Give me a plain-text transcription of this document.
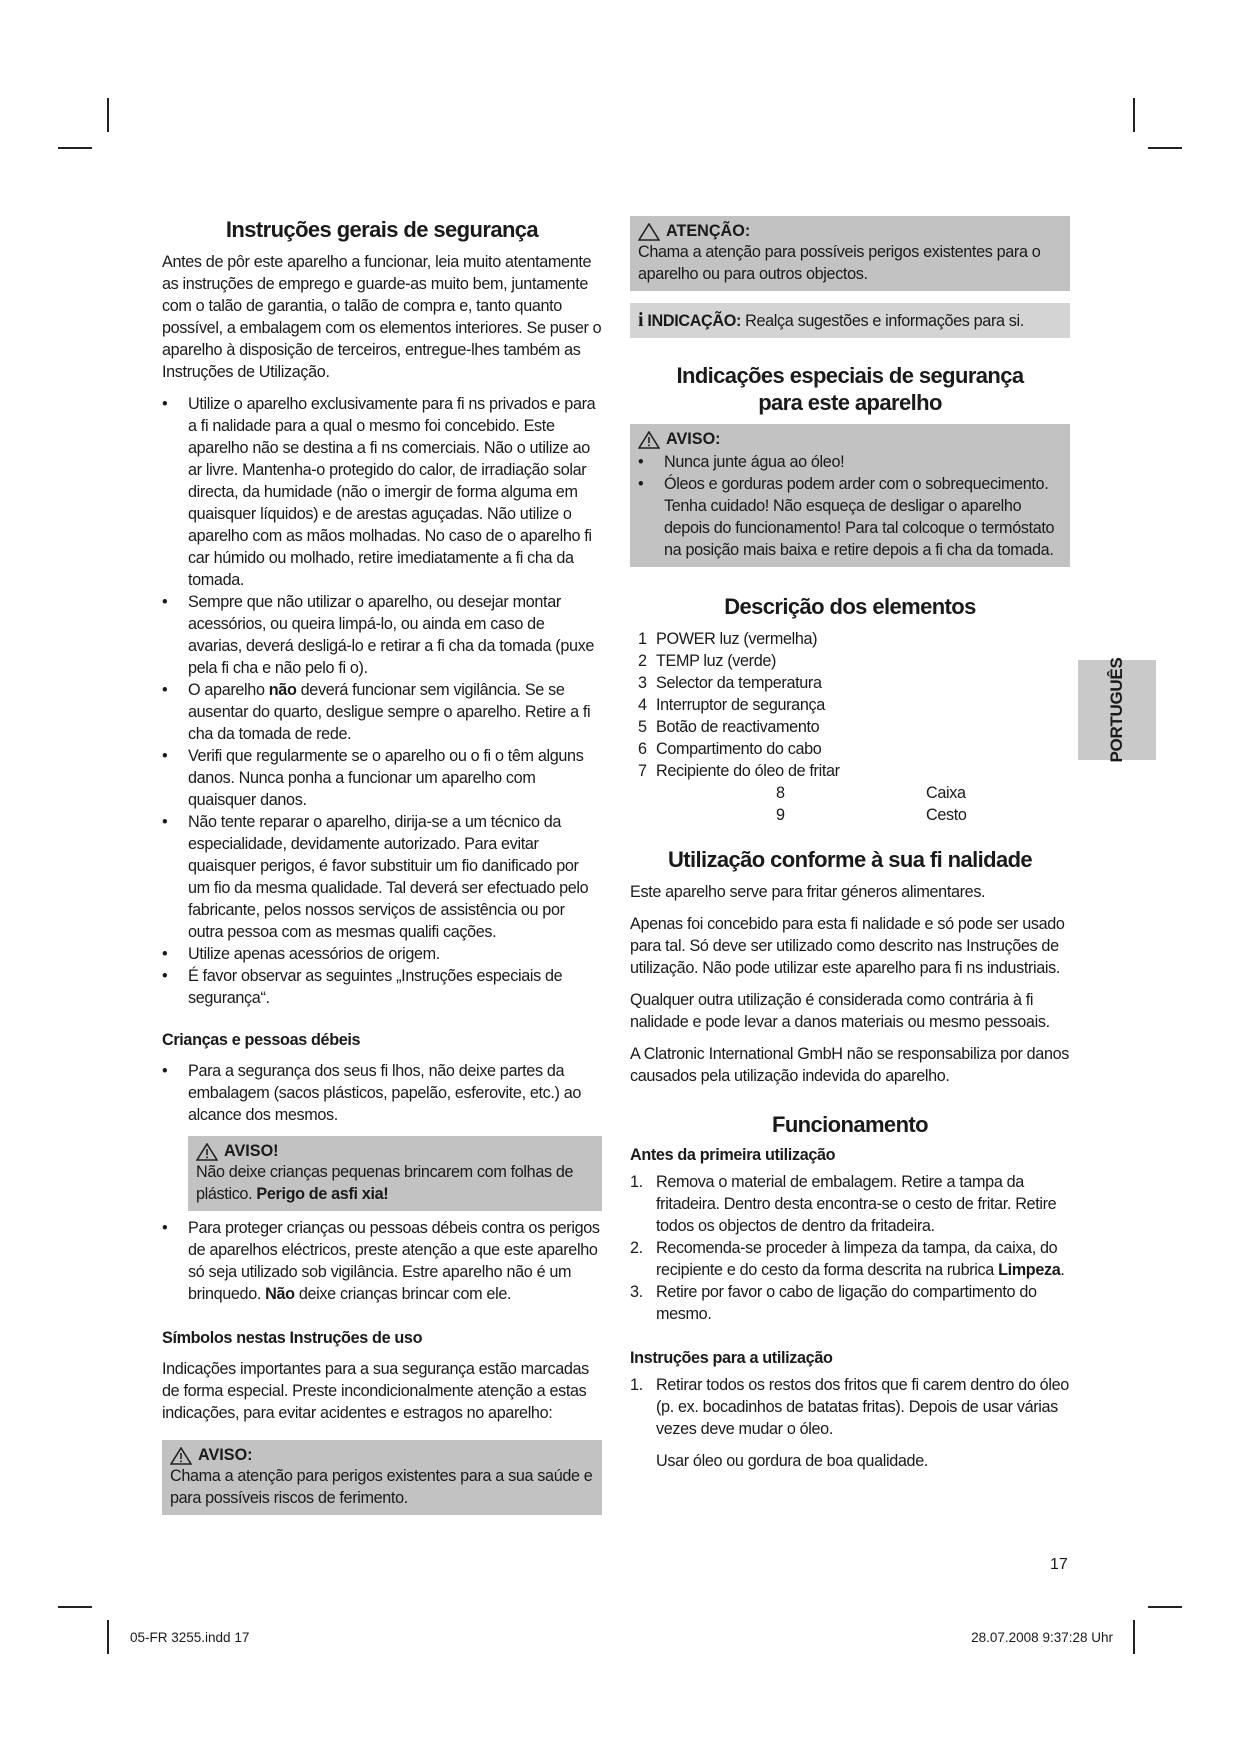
Instruções gerais de segurança

Antes de pôr este aparelho a funcionar, leia muito atentamente as instruções de emprego e guarde-as muito bem, juntamente com o talão de garantia, o talão de compra e, tanto quanto possível, a embalagem com os elementos interiores. Se puser o aparelho à disposição de terceiros, entregue-lhes também as Instruções de Utilização.

• Utilize o aparelho exclusivamente para fi ns privados e para a fi nalidade para a qual o mesmo foi concebido. Este aparelho não se destina a fi ns comerciais. Não o utilize ao ar livre. Mantenha-o protegido do calor, de irradiação solar directa, da humidade (não o imergir de forma alguma em quaisquer líquidos) e de arestas aguçadas. Não utilize o aparelho com as mãos molhadas. No caso de o aparelho fi car húmido ou molhado, retire imediatamente a fi cha da tomada.
• Sempre que não utilizar o aparelho, ou desejar montar acessórios, ou queira limpá-lo, ou ainda em caso de avarias, deverá desligá-lo e retirar a fi cha da tomada (puxe pela fi cha e não pelo fi o).
• O aparelho não deverá funcionar sem vigilância. Se se ausentar do quarto, desligue sempre o aparelho. Retire a fi cha da tomada de rede.
• Verifi que regularmente se o aparelho ou o fi o têm alguns danos. Nunca ponha a funcionar um aparelho com quaisquer danos.
• Não tente reparar o aparelho, dirija-se a um técnico da especialidade, devidamente autorizado. Para evitar quaisquer perigos, é favor substituir um fio danificado por um fio da mesma qualidade. Tal deverá ser efectuado pelo fabricante, pelos nossos serviços de assistência ou por outra pessoa com as mesmas qualifi cações.
• Utilize apenas acessórios de origem.
• É favor observar as seguintes „Instruções especiais de segurança“.
Crianças e pessoas débeis
• Para a segurança dos seus fi lhos, não deixe partes da embalagem (sacos plásticos, papelão, esferovite, etc.) ao alcance dos mesmos.
AVISO!

Não deixe crianças pequenas brincarem com folhas de plástico. Perigo de asfi xia!

• Para proteger crianças ou pessoas débeis contra os perigos de aparelhos eléctricos, preste atenção a que este aparelho só seja utilizado sob vigilância. Estre aparelho não é um brinquedo. Não deixe crianças brincar com ele.
Símbolos nestas Instruções de uso

Indicações importantes para a sua segurança estão marcadas de forma especial. Preste incondicionalmente atenção a estas indicações, para evitar acidentes e estragos no aparelho:

AVISO:

Chama a atenção para perigos existentes para a sua saúde e para possíveis riscos de ferimento.

ATENÇÃO:

Chama a atenção para possíveis perigos existentes para o aparelho ou para outros objectos.

i INDICAÇÃO: Realça sugestões e informações para si.

Indicações especiais de segurança
para este aparelho
AVISO:
• Nunca junte água ao óleo!
• Óleos e gorduras podem arder com o sobrequecimento. Tenha cuidado! Não esqueça de desligar o aparelho depois do funcionamento! Para tal colcoque o termóstato na posição mais baixa e retire depois a fi cha da tomada.
Descrição dos elementos
1 POWER luz (vermelha)
2 TEMP luz (verde)
3 Selector da temperatura
4 Interruptor de segurança
5 Botão de reactivamento
6 Compartimento do cabo
7 Recipiente do óleo de fritar
8	Caixa
9	Cesto
Utilização conforme à sua fi nalidade

Este aparelho serve para fritar géneros alimentares.

Apenas foi concebido para esta fi nalidade e só pode ser usado para tal. Só deve ser utilizado como descrito nas Instruções de utilização. Não pode utilizar este aparelho para fi ns industriais.

Qualquer outra utilização é considerada como contrária à fi nalidade e pode levar a danos materiais ou mesmo pessoais.

A Clatronic International GmbH não se responsabiliza por danos causados pela utilização indevida do aparelho.

Funcionamento
Antes da primeira utilização
1. Remova o material de embalagem. Retire a tampa da fritadeira. Dentro desta encontra-se o cesto de fritar. Retire todos os objectos de dentro da fritadeira.
2. Recomenda-se proceder à limpeza da tampa, da caixa, do recipiente e do cesto da forma descrita na rubrica Limpeza.
3. Retire por favor o cabo de ligação do compartimento do mesmo.
Instruções para a utilização
1. Retirar todos os restos dos fritos que fi carem dentro do óleo (p. ex. bocadinhos de batatas fritas). Depois de usar várias vezes deve mudar o óleo.

Usar óleo ou gordura de boa qualidade.

PORTUGUÊS
17
05-FR 3255.indd 17	28.07.2008 9:37:28 Uhr
